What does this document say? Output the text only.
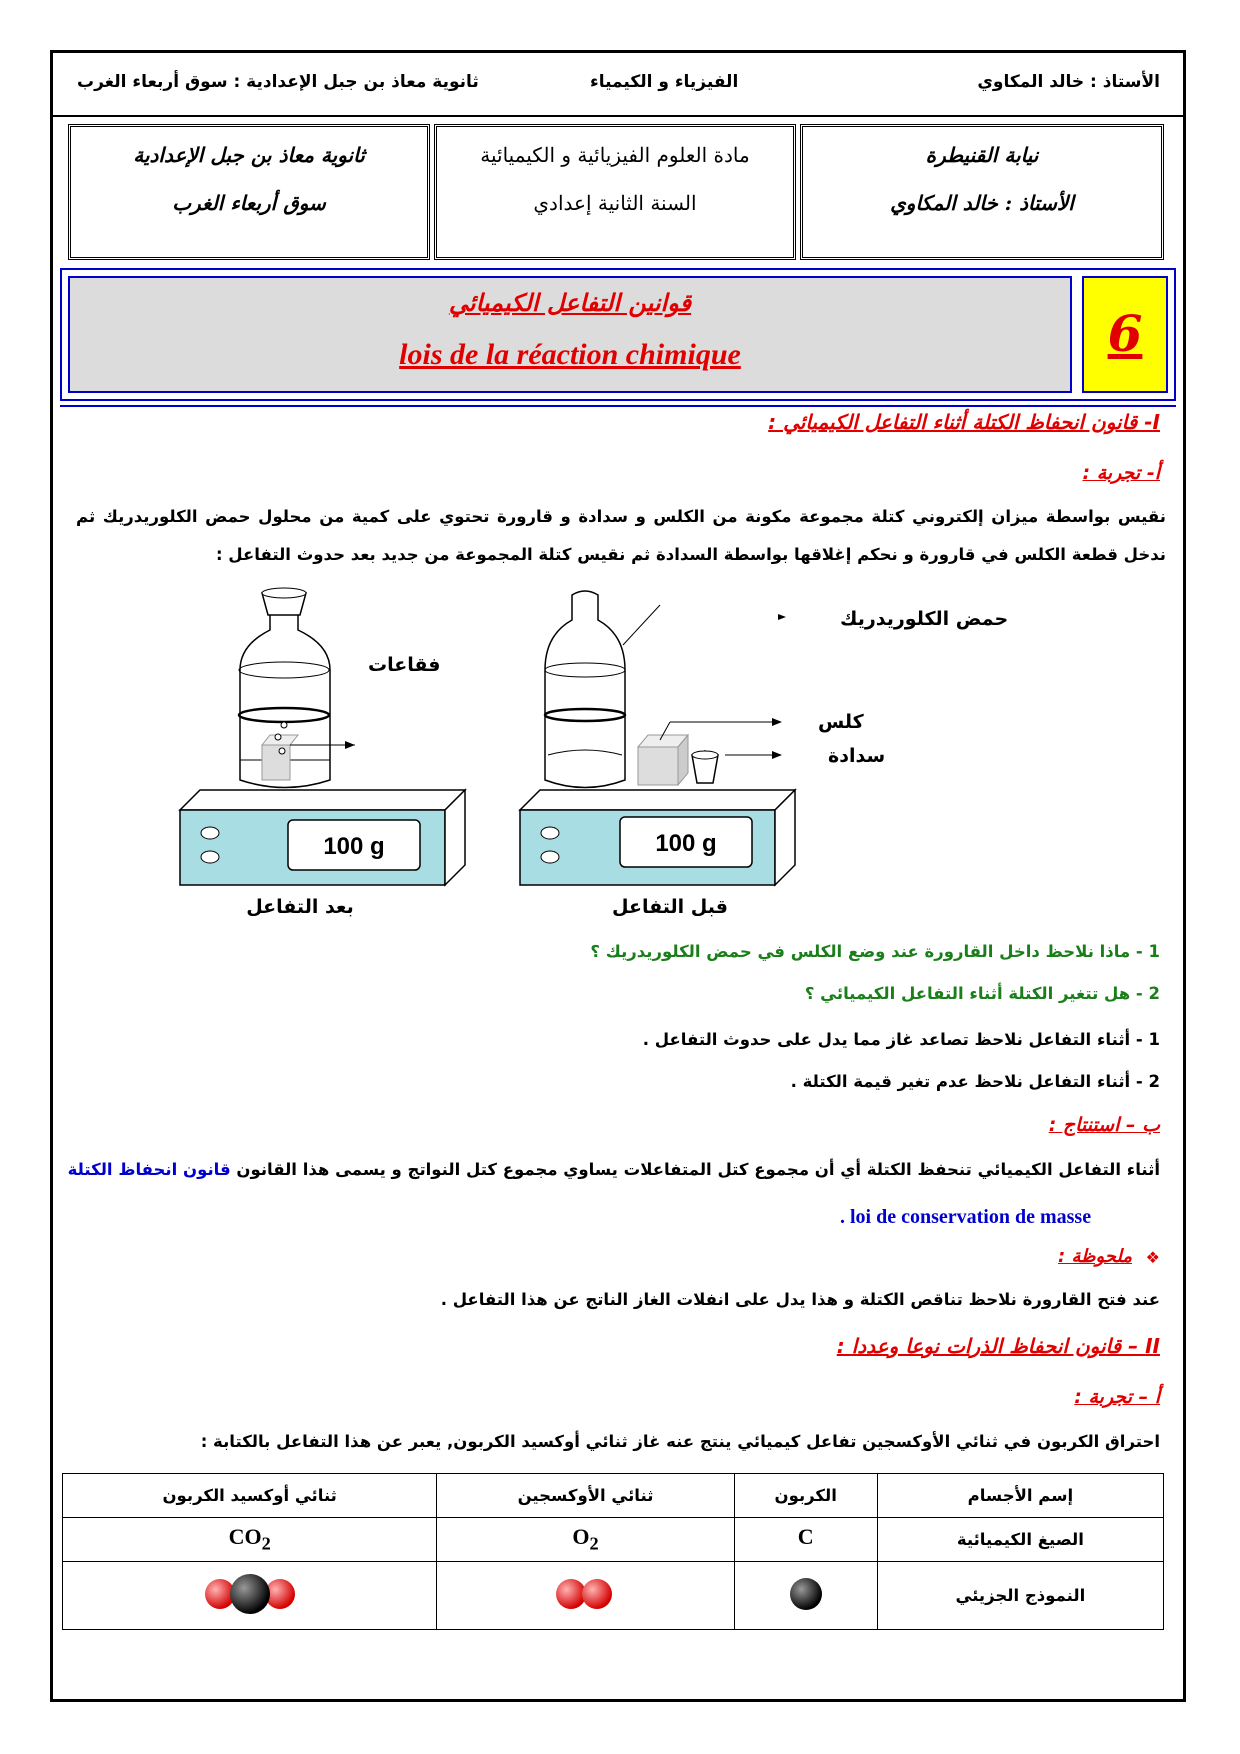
الأستاذ : خالد المكاوي
الفيزياء و الكيمياء
ثانوية معاذ بن جبل الإعدادية : سوق أربعاء الغرب
نيابة القنيطرة
الأستاذ : خالد المكاوي
مادة العلوم الفيزيائية و الكيميائية
السنة الثانية إعدادي
ثانوية معاذ بن جبل الإعدادية
سوق أربعاء الغرب
قوانين التفاعل الكيميائي
lois de la réaction chimique	6
I- قانون انحفاظ الكتلة أثناء التفاعل الكيميائي :
أ- تجربة :
نقيس بواسطة ميزان إلكتروني كتلة مجموعة مكونة من الكلس و سدادة و قارورة تحتوي على كمية من محلول حمض الكلوريدريك ثم ندخل قطعة الكلس في قارورة و نحكم إغلاقها بواسطة السدادة ثم نقيس كتلة المجموعة من جديد بعد حدوث التفاعل :
100 g
فقاعات
100 g
حمض الكلوريدريك
كلس
سدادة
بعد التفاعل	قبل التفاعل
1 - ماذا نلاحظ داخل القارورة عند وضع الكلس في حمض الكلوريدريك ؟
2 - هل تتغير الكتلة أثناء التفاعل الكيميائي ؟
1 - أثناء التفاعل نلاحظ تصاعد غاز مما يدل على حدوث التفاعل .
2 - أثناء التفاعل نلاحظ عدم تغير قيمة الكتلة .
ب – استنتاج :
أثناء التفاعل الكيميائي تنحفظ الكتلة أي أن مجموع كتل المتفاعلات يساوي مجموع كتل النواتج و يسمى هذا القانون قانون انحفاظ الكتلة
. loi de conservation de masse
❖
ملحوظة :
عند فتح القارورة نلاحظ تناقص الكتلة و هذا يدل على انفلات الغاز الناتج عن هذا التفاعل .
II – قانون انحفاظ الذرات نوعا وعددا :
أ – تجربة :
احتراق الكربون في ثنائي الأوكسجين تفاعل كيميائي ينتج عنه غاز ثنائي أوكسيد الكربون, يعبر عن هذا التفاعل بالكتابة :
إسم الأجسام	الكربون	ثنائي الأوكسجين	ثنائي أوكسيد الكربون
الصيغ الكيميائية	C	$O_2$	$CO_2$
النموذج الجزيئي			
